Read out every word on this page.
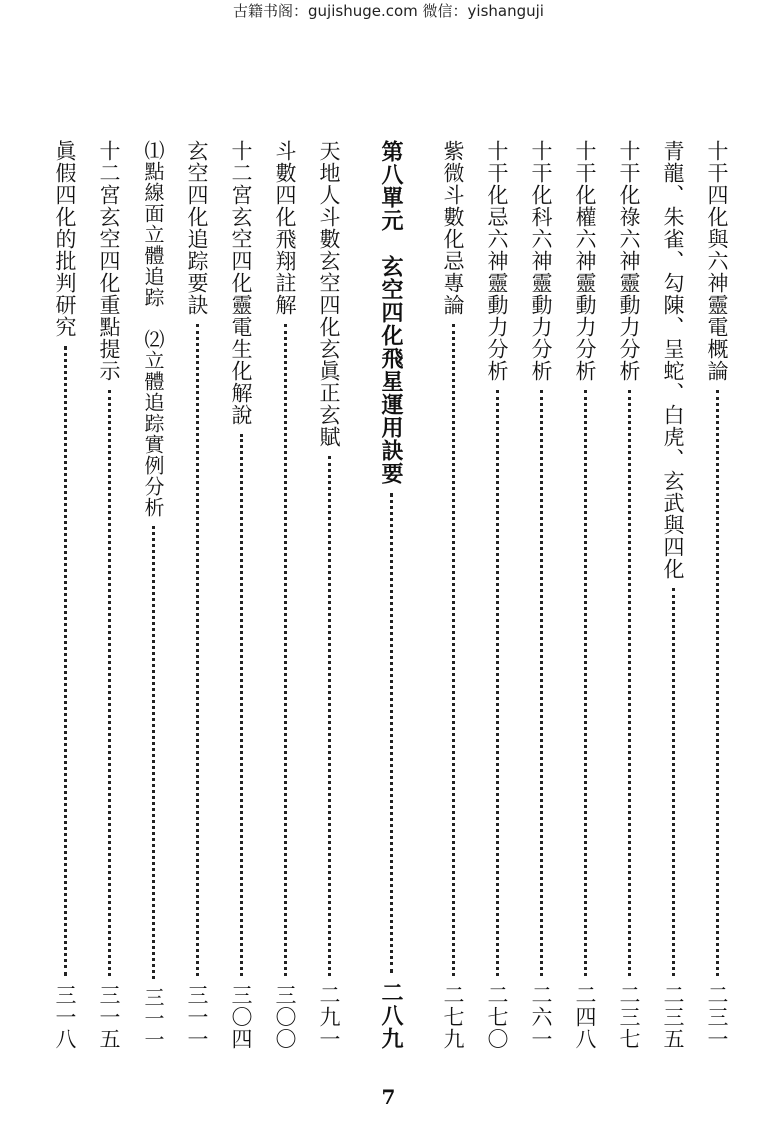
古籍书阁：gujishuge.com 微信：yishanguji
十干四化與六神靈電概論
二三一
青龍、朱雀、勾陳、呈蛇、白虎、玄武與四化
二三五
十干化祿六神靈動力分析
二三七
十干化權六神靈動力分析
二四八
十干化科六神靈動力分析
二六一
十干化忌六神靈動力分析
二七〇
紫微斗數化忌專論
二七九
第八單元　玄空四化飛星運用訣要
二八九
天地人斗數玄空四化玄眞正玄賦
二九一
斗數四化飛翔註解
三〇〇
十二宮玄空四化靈電生化解說
三〇四
玄空四化追踪要訣
三一一
⑴點線面立體追踪　⑵立體追踪實例分析
三一一
十二宮玄空四化重點提示
三一五
眞假四化的批判研究
三一八
7
